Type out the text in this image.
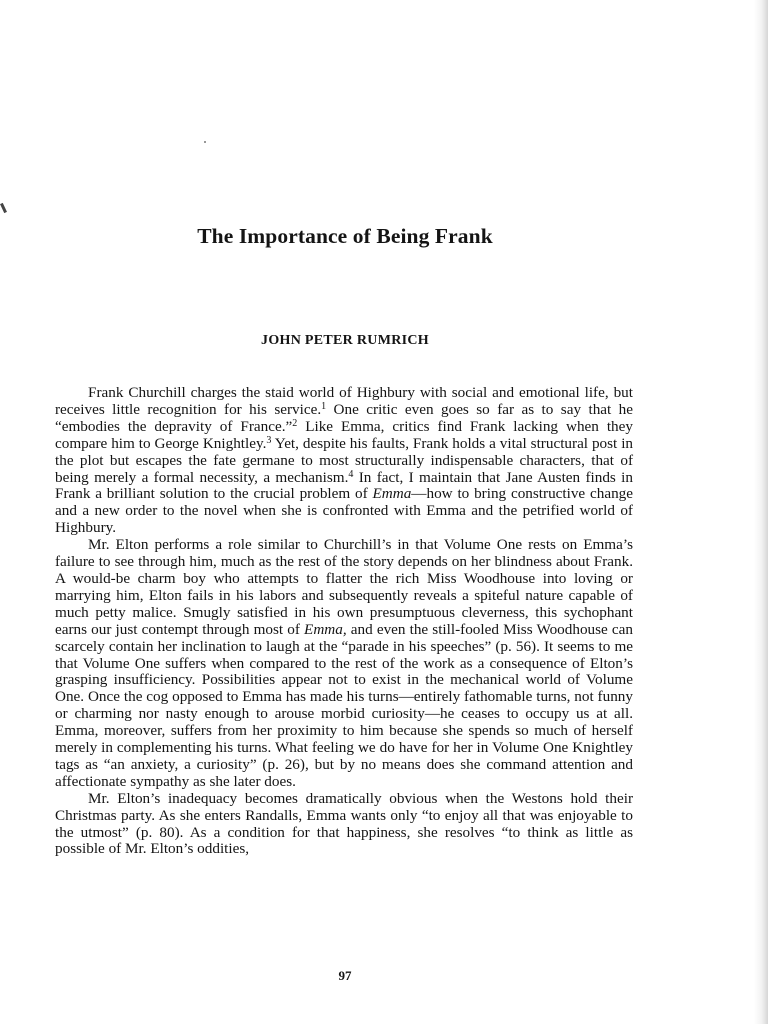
The Importance of Being Frank
JOHN PETER RUMRICH

Frank Churchill charges the staid world of Highbury with social and emotional life, but receives little recognition for his service.$^1$ One critic even goes so far as to say that he “embodies the depravity of France.”$^2$ Like Emma, critics find Frank lacking when they compare him to George Knightley.$^3$ Yet, despite his faults, Frank holds a vital structural post in the plot but escapes the fate germane to most structurally indispensable characters, that of being merely a formal necessity, a mechanism.$^4$ In fact, I maintain that Jane Austen finds in Frank a brilliant solution to the crucial problem of Emma—how to bring constructive change and a new order to the novel when she is confronted with Emma and the petrified world of Highbury.

Mr. Elton performs a role similar to Churchill’s in that Volume One rests on Emma’s failure to see through him, much as the rest of the story depends on her blindness about Frank. A would-be charm boy who attempts to flatter the rich Miss Woodhouse into loving or marrying him, Elton fails in his labors and subsequently reveals a spiteful nature capable of much petty malice. Smugly satisfied in his own presumptuous cleverness, this sychophant earns our just contempt through most of Emma, and even the still-fooled Miss Woodhouse can scarcely contain her inclination to laugh at the “parade in his speeches” (p. 56). It seems to me that Volume One suffers when compared to the rest of the work as a consequence of Elton’s grasping insufficiency. Possibilities appear not to exist in the mechanical world of Volume One. Once the cog opposed to Emma has made his turns—entirely fathomable turns, not funny or charming nor nasty enough to arouse morbid curiosity—he ceases to occupy us at all. Emma, moreover, suffers from her proximity to him because she spends so much of herself merely in complementing his turns. What feeling we do have for her in Volume One Knightley tags as “an anxiety, a curiosity” (p. 26), but by no means does she command attention and affectionate sympathy as she later does.

Mr. Elton’s inadequacy becomes dramatically obvious when the Westons hold their Christmas party. As she enters Randalls, Emma wants only “to enjoy all that was enjoyable to the utmost” (p. 80). As a condition for that happiness, she resolves “to think as little as possible of Mr. Elton’s oddities,

97
